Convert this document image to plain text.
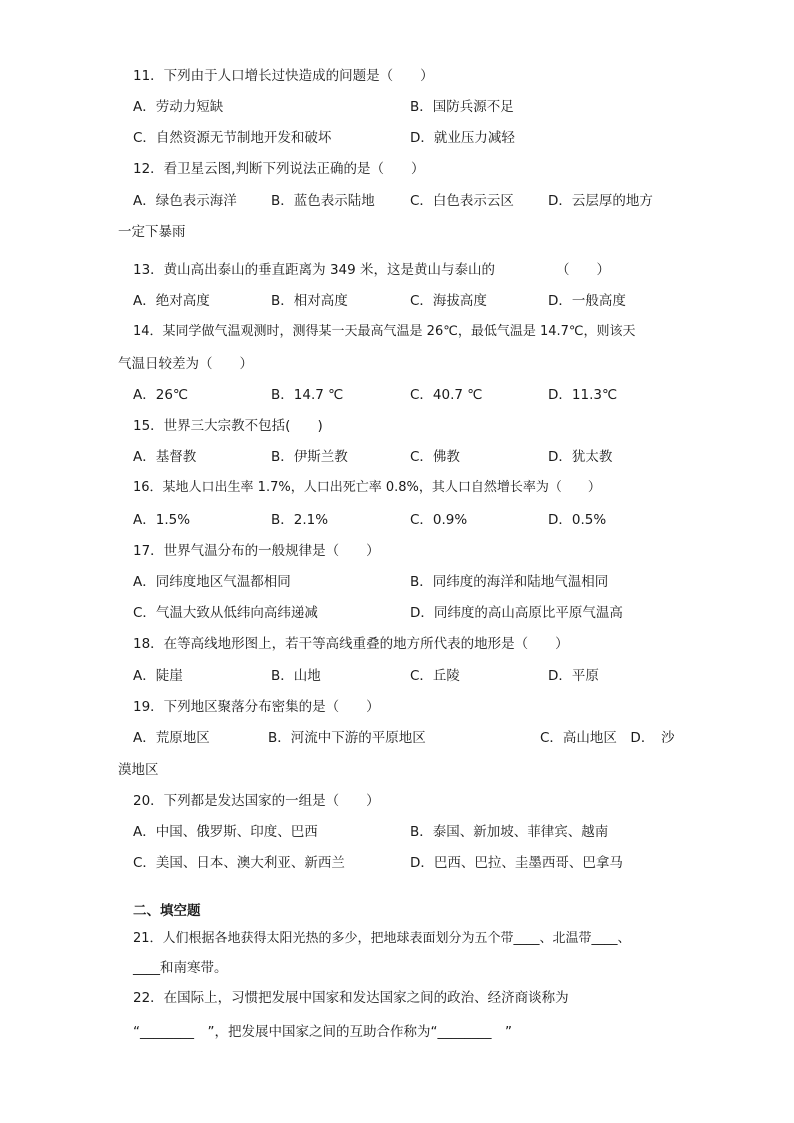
11．下列由于人口增长过快造成的问题是（　　）
A．劳动力短缺	B．国防兵源不足
C．自然资源无节制地开发和破坏	D．就业压力减轻
12．看卫星云图,判断下列说法正确的是（　　）
A．绿色表示海洋	B．蓝色表示陆地	C．白色表示云区	D．云层厚的地方
一定下暴雨
13．黄山高出泰山的垂直距离为 349 米，这是黄山与泰山的	（　　）
A．绝对高度	B．相对高度	C．海拔高度	D．一般高度
14．某同学做气温观测时，测得某一天最高气温是 26℃，最低气温是 14.7℃，则该天
气温日较差为（　　）
A．26℃	B．14.7 ℃	C．40.7 ℃	D．11.3℃
15．世界三大宗教不包括(　　)
A．基督教	B．伊斯兰教	C．佛教	D．犹太教
16．某地人口出生率 1.7%，人口出死亡率 0.8%，其人口自然增长率为（　　）
A．1.5%	B．2.1%	C．0.9%	D．0.5%
17．世界气温分布的一般规律是（　　）
A．同纬度地区气温都相同	B．同纬度的海洋和陆地气温相同
C．气温大致从低纬向高纬递减	D．同纬度的高山高原比平原气温高
18．在等高线地形图上，若干等高线重叠的地方所代表的地形是（　　）
A．陡崖	B．山地	C．丘陵	D．平原
19．下列地区聚落分布密集的是（　　）
A．荒原地区	B．河流中下游的平原地区	C．高山地区　D．　沙
漠地区
20．下列都是发达国家的一组是（　　）
A．中国、俄罗斯、印度、巴西	B．泰国、新加坡、菲律宾、越南
C．美国、日本、澳大利亚、新西兰	D．巴西、巴拉、圭墨西哥、巴拿马
二、填空题
21．人们根据各地获得太阳光热的多少，把地球表面划分为五个带____、北温带____、
____和南寒带。
22．在国际上，习惯把发展中国家和发达国家之间的政治、经济商谈称为
“________　”，把发展中国家之间的互助合作称为“________　”
